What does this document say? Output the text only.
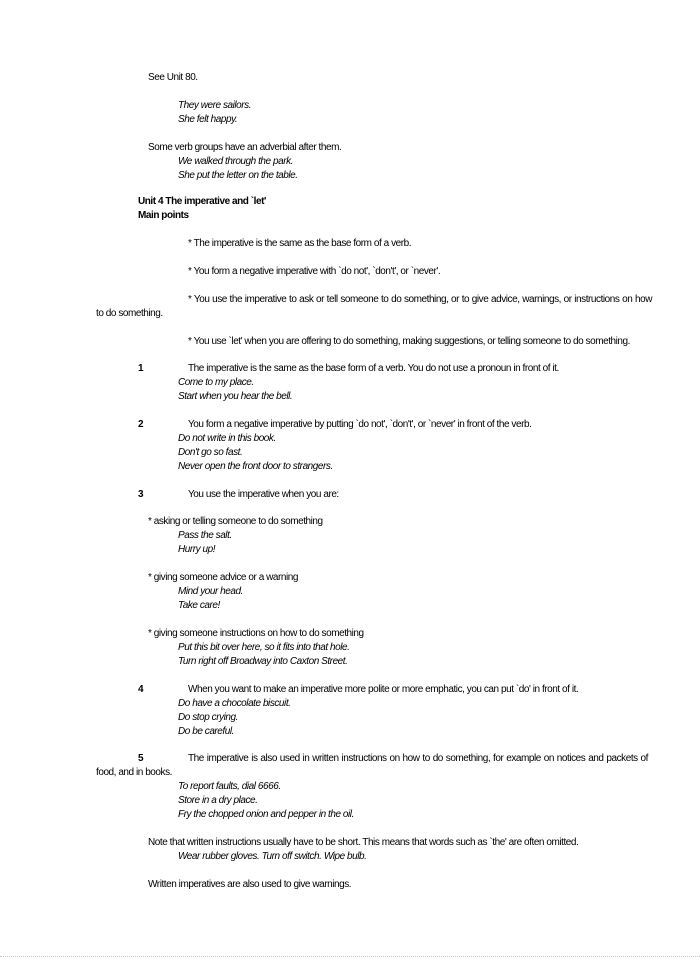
See Unit 80.
They were sailors.
She felt happy.
Some verb groups have an adverbial after them.
We walked through the park.
She put the letter on the table.
Unit 4 The imperative and `let'
Main points
* The imperative is the same as the base form of a verb.
* You form a negative imperative with `do not', `don't', or `never'.
* You use the imperative to ask or tell someone to do something, or to give advice, warnings, or instructions on how to do something.
* You use `let' when you are offering to do something, making suggestions, or telling someone to do something.
1	The imperative is the same as the base form of a verb. You do not use a pronoun in front of it.
Come to my place.
Start when you hear the bell.
2	You form a negative imperative by putting `do not', `don't', or `never' in front of the verb.
Do not write in this book.
Don't go so fast.
Never open the front door to strangers.
3	You use the imperative when you are:
* asking or telling someone to do something
Pass the salt.
Hurry up!
* giving someone advice or a warning
Mind your head.
Take care!
* giving someone instructions on how to do something
Put this bit over here, so it fits into that hole.
Turn right off Broadway into Caxton Street.
4	When you want to make an imperative more polite or more emphatic, you can put `do' in front of it.
Do have a chocolate biscuit.
Do stop crying.
Do be careful.
5	The imperative is also used in written instructions on how to do something, for example on notices and packets of food, and in books.
To report faults, dial 6666.
Store in a dry place.
Fry the chopped onion and pepper in the oil.
Note that written instructions usually have to be short. This means that words such as `the' are often omitted.
Wear rubber gloves. Turn off switch. Wipe bulb.
Written imperatives are also used to give warnings.
